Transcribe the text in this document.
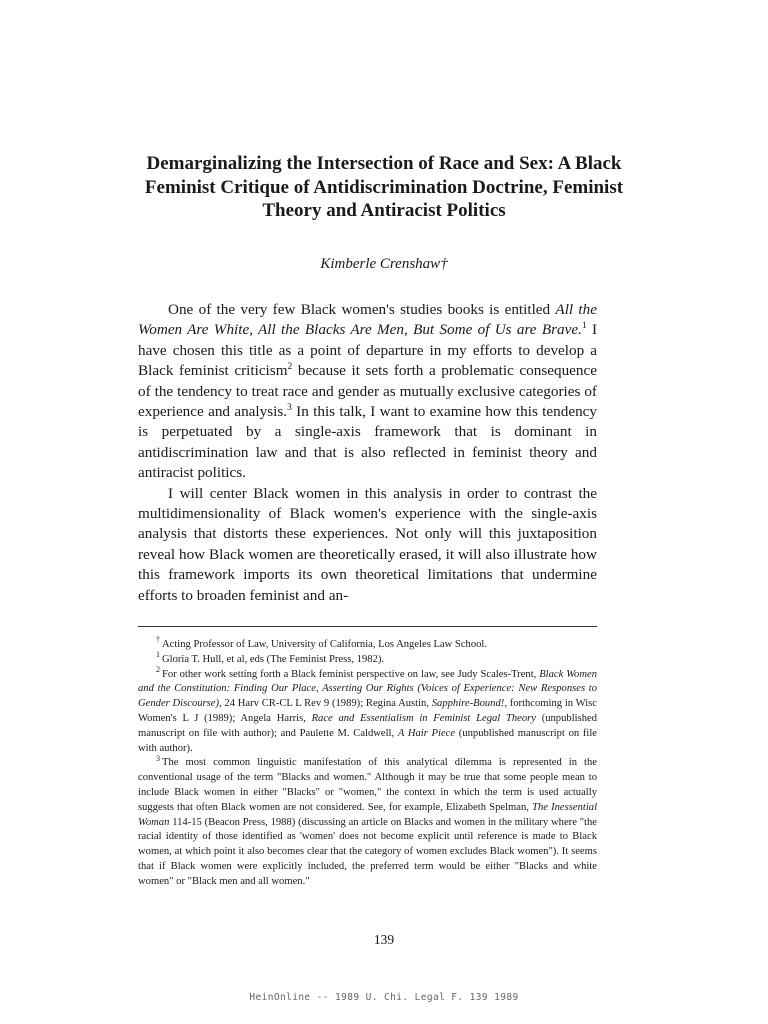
Demarginalizing the Intersection of Race and Sex: A Black Feminist Critique of Antidiscrimination Doctrine, Feminist Theory and Antiracist Politics
Kimberle Crenshaw†

One of the very few Black women's studies books is entitled All the Women Are White, All the Blacks Are Men, But Some of Us are Brave.$^1$ I have chosen this title as a point of departure in my efforts to develop a Black feminist criticism$^2$ because it sets forth a problematic consequence of the tendency to treat race and gender as mutually exclusive categories of experience and analysis.$^3$ In this talk, I want to examine how this tendency is perpetuated by a single-axis framework that is dominant in antidiscrimination law and that is also reflected in feminist theory and antiracist politics.

I will center Black women in this analysis in order to contrast the multidimensionality of Black women's experience with the single-axis analysis that distorts these experiences. Not only will this juxtaposition reveal how Black women are theoretically erased, it will also illustrate how this framework imports its own theoretical limitations that undermine efforts to broaden feminist and an-

† Acting Professor of Law, University of California, Los Angeles Law School.

$^1$ Gloria T. Hull, et al, eds (The Feminist Press, 1982).

$^2$ For other work setting forth a Black feminist perspective on law, see Judy Scales-Trent, Black Women and the Constitution: Finding Our Place, Asserting Our Rights (Voices of Experience: New Responses to Gender Discourse), 24 Harv CR-CL L Rev 9 (1989); Regina Austin, Sapphire-Bound!, forthcoming in Wisc Women's L J (1989); Angela Harris, Race and Essentialism in Feminist Legal Theory (unpublished manuscript on file with author); and Paulette M. Caldwell, A Hair Piece (unpublished manuscript on file with author).

$^3$ The most common linguistic manifestation of this analytical dilemma is represented in the conventional usage of the term "Blacks and women." Although it may be true that some people mean to include Black women in either "Blacks" or "women," the context in which the term is used actually suggests that often Black women are not considered. See, for example, Elizabeth Spelman, The Inessential Woman 114-15 (Beacon Press, 1988) (discussing an article on Blacks and women in the military where "the racial identity of those identified as 'women' does not become explicit until reference is made to Black women, at which point it also becomes clear that the category of women excludes Black women"). It seems that if Black women were explicitly included, the preferred term would be either "Blacks and white women" or "Black men and all women."

139
HeinOnline -- 1989 U. Chi. Legal F. 139 1989
